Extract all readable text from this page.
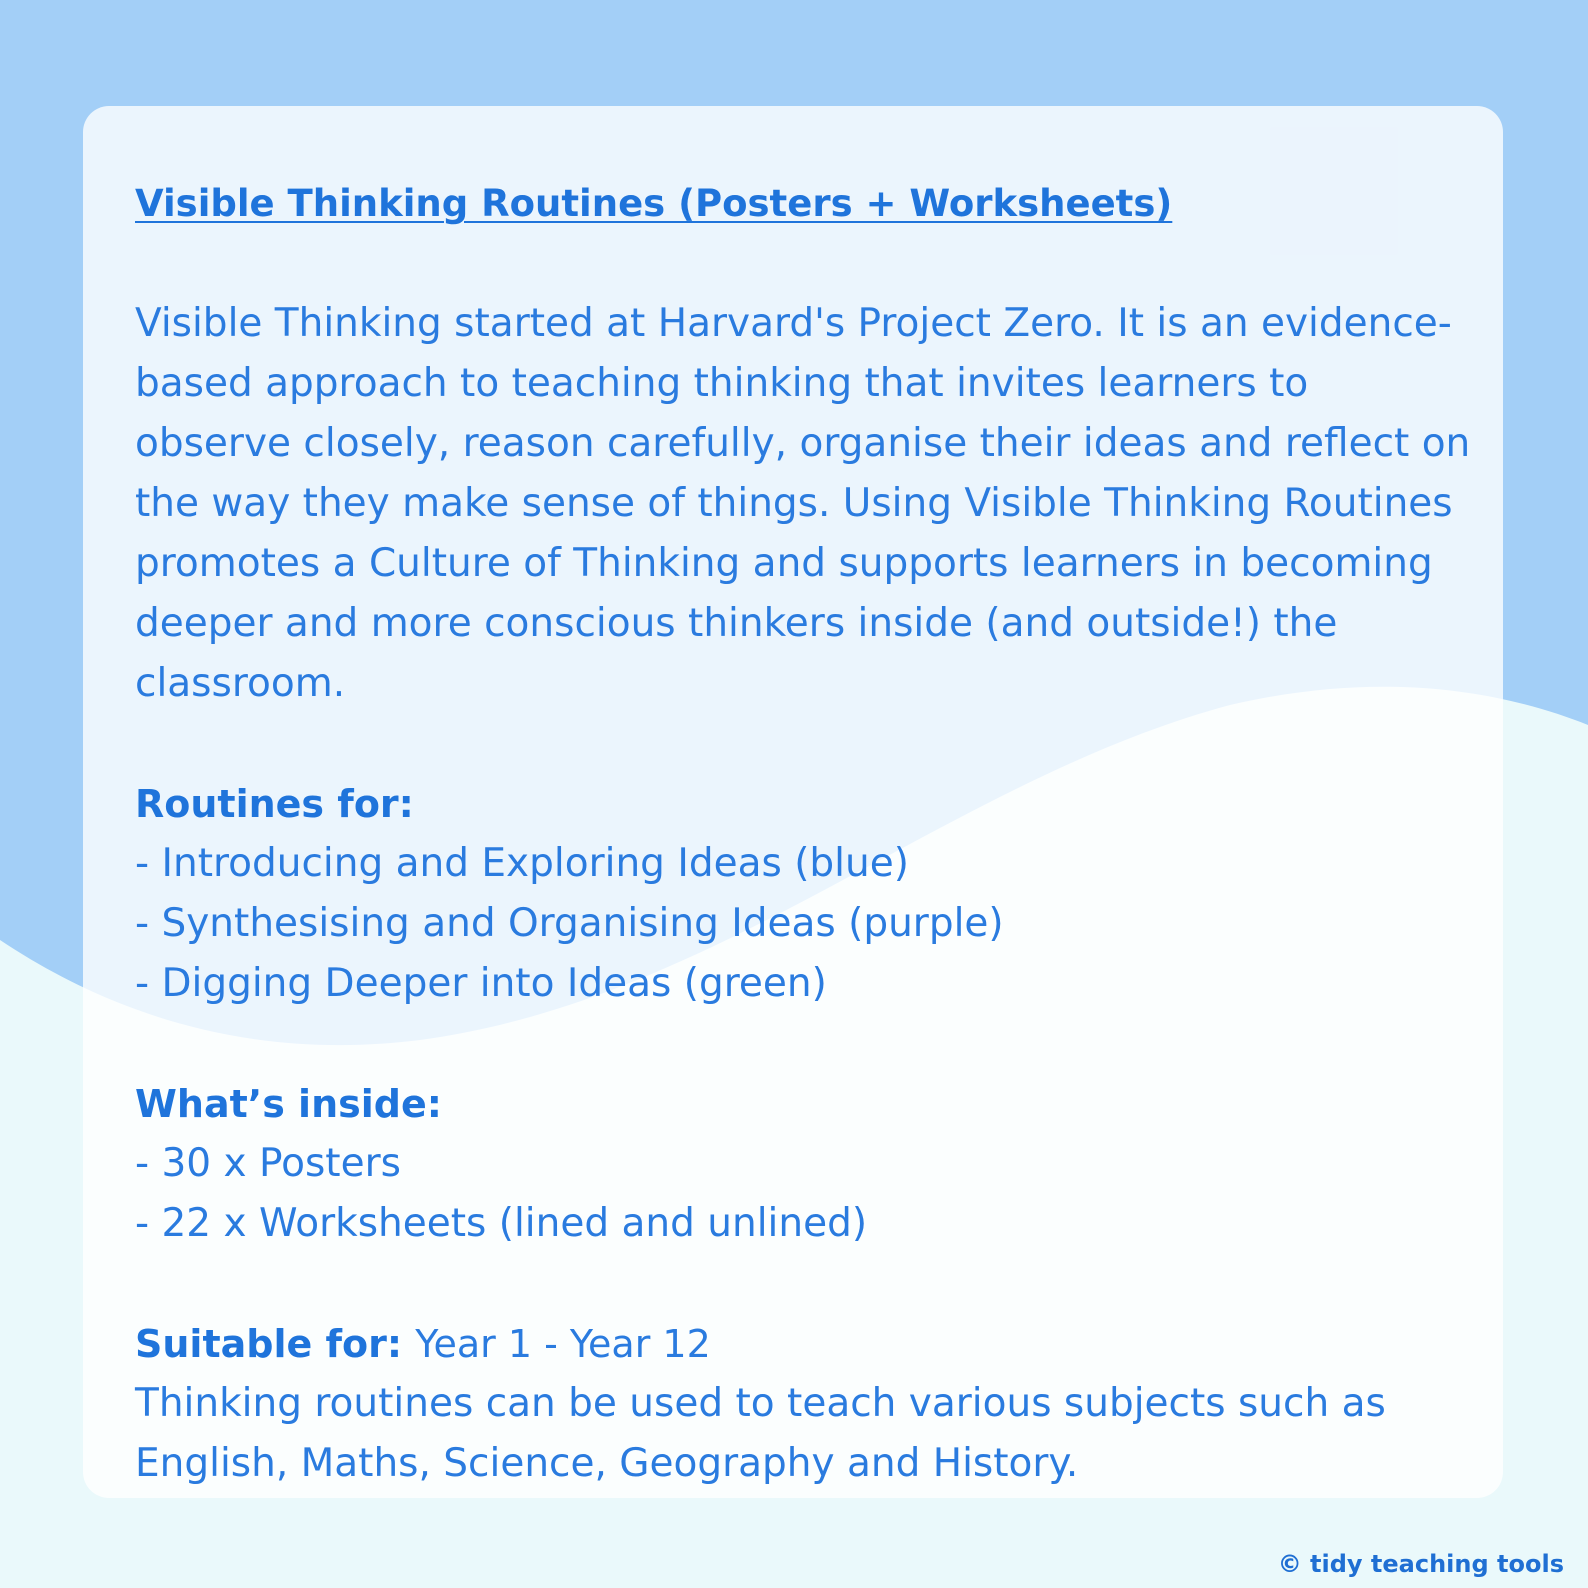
Visible Thinking Routines (Posters + Worksheets)

Visible Thinking started at Harvard's Project Zero. It is an evidence-based approach to teaching thinking that invites learners to observe closely, reason carefully, organise their ideas and reflect on the way they make sense of things. Using Visible Thinking Routines promotes a Culture of Thinking and supports learners in becoming deeper and more conscious thinkers inside (and outside!) the classroom.

Routines for:
- Introducing and Exploring Ideas (blue)
- Synthesising and Organising Ideas (purple)
- Digging Deeper into Ideas (green)
What’s inside:
- 30 x Posters
- 22 x Worksheets (lined and unlined)
Suitable for: Year 1 - Year 12

Thinking routines can be used to teach various subjects such as English, Maths, Science, Geography and History.

© tidy teaching tools
